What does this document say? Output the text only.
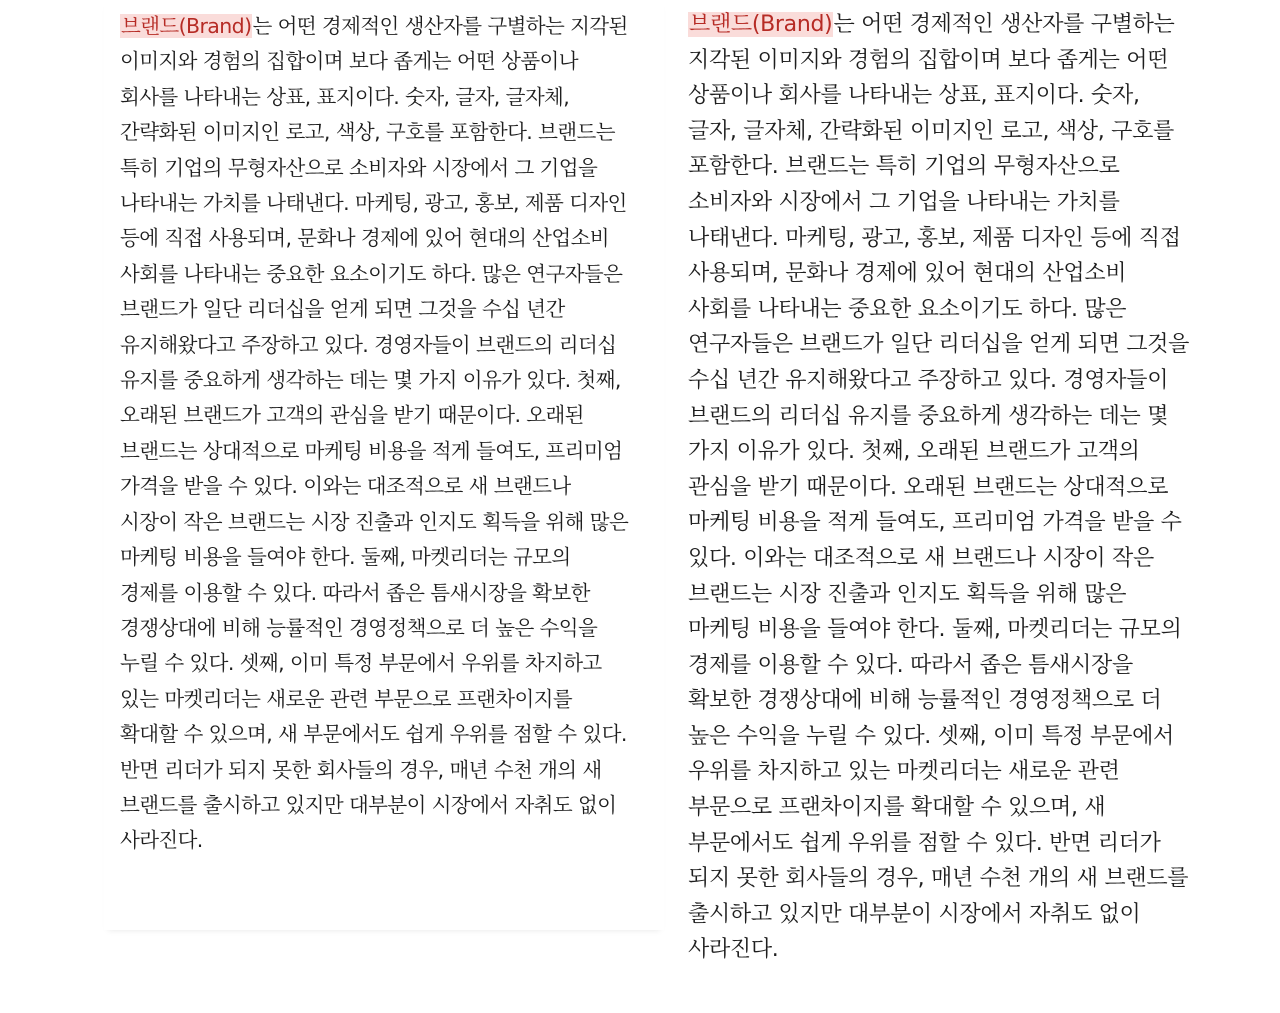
브랜드(Brand)는 어떤 경제적인 생산자를 구별하는 지각된 이미지와 경험의 집합이며 보다 좁게는 어떤 상품이나 회사를 나타내는 상표, 표지이다. 숫자, 글자, 글자체, 간략화된 이미지인 로고, 색상, 구호를 포함한다. 브랜드는 특히 기업의 무형자산으로 소비자와 시장에서 그 기업을 나타내는 가치를 나태낸다. 마케팅, 광고, 홍보, 제품 디자인 등에 직접 사용되며, 문화나 경제에 있어 현대의 산업소비 사회를 나타내는 중요한 요소이기도 하다. 많은 연구자들은 브랜드가 일단 리더십을 얻게 되면 그것을 수십 년간 유지해왔다고 주장하고 있다. 경영자들이 브랜드의 리더십 유지를 중요하게 생각하는 데는 몇 가지 이유가 있다. 첫째, 오래된 브랜드가 고객의 관심을 받기 때문이다. 오래된 브랜드는 상대적으로 마케팅 비용을 적게 들여도, 프리미엄 가격을 받을 수 있다. 이와는 대조적으로 새 브랜드나 시장이 작은 브랜드는 시장 진출과 인지도 획득을 위해 많은 마케팅 비용을 들여야 한다. 둘째, 마켓리더는 규모의 경제를 이용할 수 있다. 따라서 좁은 틈새시장을 확보한 경쟁상대에 비해 능률적인 경영정책으로 더 높은 수익을 누릴 수 있다. 셋째, 이미 특정 부문에서 우위를 차지하고 있는 마켓리더는 새로운 관련 부문으로 프랜차이지를 확대할 수 있으며, 새 부문에서도 쉽게 우위를 점할 수 있다. 반면 리더가 되지 못한 회사들의 경우, 매년 수천 개의 새 브랜드를 출시하고 있지만 대부분이 시장에서 자취도 없이 사라진다.

브랜드(Brand)는 어떤 경제적인 생산자를 구별하는 지각된 이미지와 경험의 집합이며 보다 좁게는 어떤 상품이나 회사를 나타내는 상표, 표지이다. 숫자, 글자, 글자체, 간략화된 이미지인 로고, 색상, 구호를 포함한다. 브랜드는 특히 기업의 무형자산으로 소비자와 시장에서 그 기업을 나타내는 가치를 나태낸다. 마케팅, 광고, 홍보, 제품 디자인 등에 직접 사용되며, 문화나 경제에 있어 현대의 산업소비 사회를 나타내는 중요한 요소이기도 하다. 많은 연구자들은 브랜드가 일단 리더십을 얻게 되면 그것을 수십 년간 유지해왔다고 주장하고 있다. 경영자들이 브랜드의 리더십 유지를 중요하게 생각하는 데는 몇 가지 이유가 있다. 첫째, 오래된 브랜드가 고객의 관심을 받기 때문이다. 오래된 브랜드는 상대적으로 마케팅 비용을 적게 들여도, 프리미엄 가격을 받을 수 있다. 이와는 대조적으로 새 브랜드나 시장이 작은 브랜드는 시장 진출과 인지도 획득을 위해 많은 마케팅 비용을 들여야 한다. 둘째, 마켓리더는 규모의 경제를 이용할 수 있다. 따라서 좁은 틈새시장을 확보한 경쟁상대에 비해 능률적인 경영정책으로 더 높은 수익을 누릴 수 있다. 셋째, 이미 특정 부문에서 우위를 차지하고 있는 마켓리더는 새로운 관련 부문으로 프랜차이지를 확대할 수 있으며, 새 부문에서도 쉽게 우위를 점할 수 있다. 반면 리더가 되지 못한 회사들의 경우, 매년 수천 개의 새 브랜드를 출시하고 있지만 대부분이 시장에서 자취도 없이 사라진다.
